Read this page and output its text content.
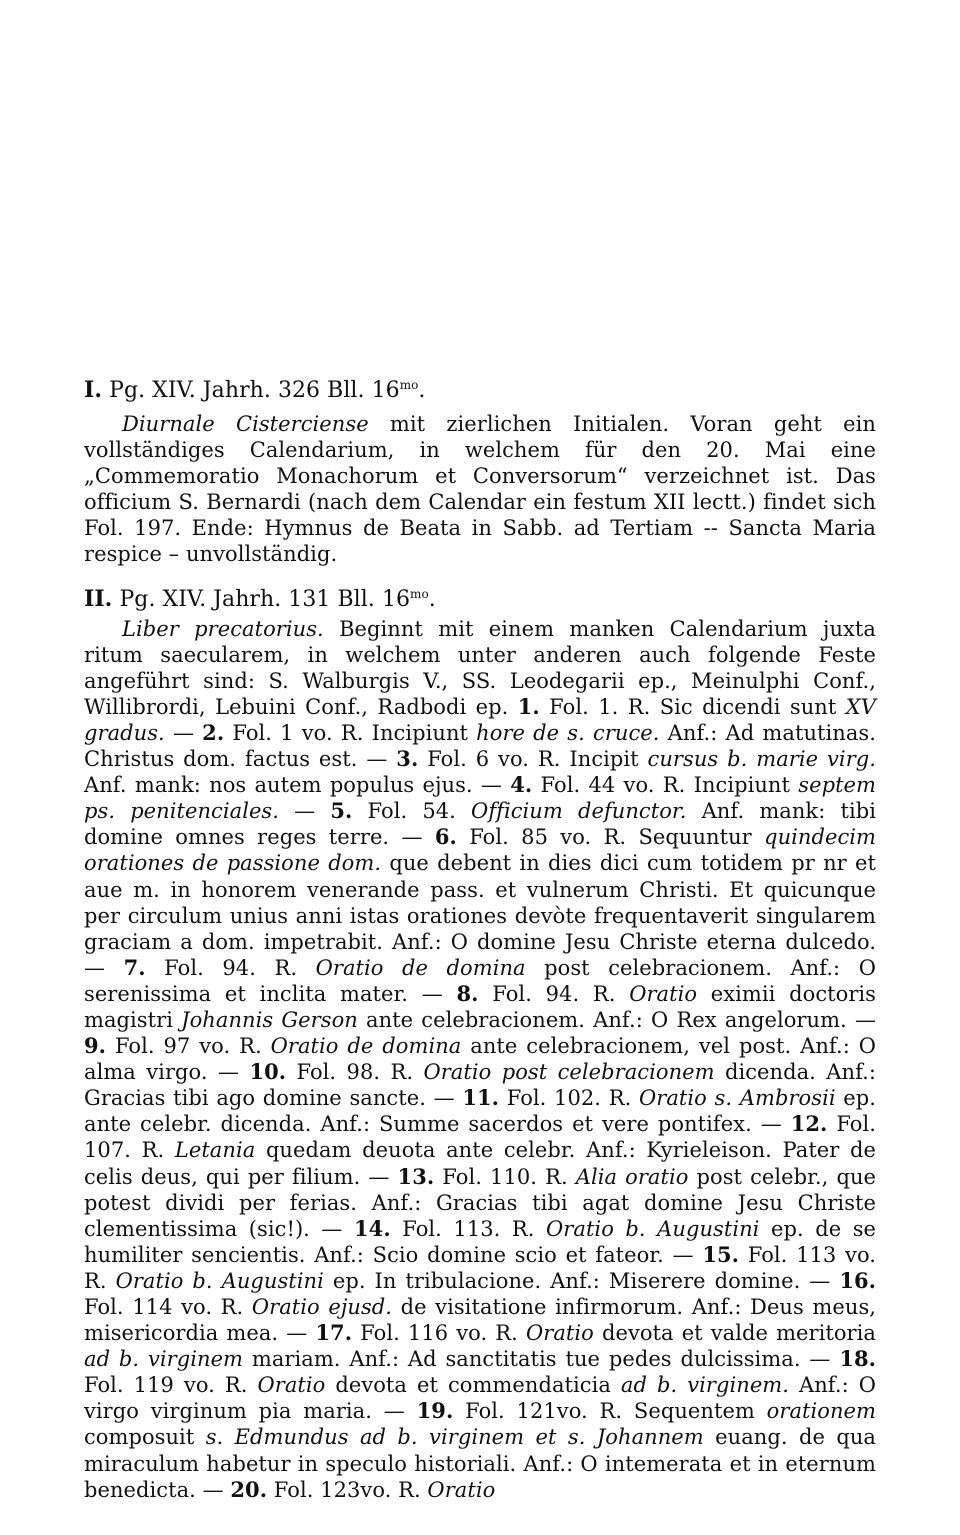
I. Pg. XIV. Jahrh. 326 Bll. $16^{mo}$.

Diurnale Cisterciense mit zierlichen Initialen. Voran geht ein vollständiges Calendarium, in welchem für den 20. Mai eine „Commemoratio Monachorum et Conversorum“ verzeichnet ist. Das officium S. Bernardi (nach dem Calendar ein festum XII lectt.) findet sich Fol. 197. Ende: Hymnus de Beata in Sabb. ad Tertiam -- Sancta Maria respice – unvollständig.

II. Pg. XIV. Jahrh. 131 Bll. $16^{mo}$.

Liber precatorius. Beginnt mit einem manken Calendarium juxta ritum saecularem, in welchem unter anderen auch folgende Feste angeführt sind: S. Walburgis V., SS. Leodegarii ep., Meinulphi Conf., Willibrordi, Lebuini Conf., Radbodi ep. 1. Fol. 1. R. Sic dicendi sunt XV gradus. — 2. Fol. 1 vo. R. Incipiunt hore de s. cruce. Anf.: Ad matutinas. Christus dom. factus est. — 3. Fol. 6 vo. R. Incipit cursus b. marie virg. Anf. mank: nos autem populus ejus. — 4. Fol. 44 vo. R. Incipiunt septem ps. penitenciales. — 5. Fol. 54. Officium defunctor. Anf. mank: tibi domine omnes reges terre. — 6. Fol. 85 vo. R. Sequuntur quindecim orationes de passione dom. que debent in dies dici cum totidem pr nr et aue m. in honorem venerande pass. et vulnerum Christi. Et quicunque per circulum unius anni istas orationes devòte frequentaverit singularem graciam a dom. impetrabit. Anf.: O domine Jesu Christe eterna dulcedo. — 7. Fol. 94. R. Oratio de domina post celebracionem. Anf.: O serenissima et inclita mater. — 8. Fol. 94. R. Oratio eximii doctoris magistri Johannis Gerson ante celebracionem. Anf.: O Rex angelorum. — 9. Fol. 97 vo. R. Oratio de domina ante celebracionem, vel post. Anf.: O alma virgo. — 10. Fol. 98. R. Oratio post celebracionem dicenda. Anf.: Gracias tibi ago domine sancte. — 11. Fol. 102. R. Oratio s. Ambrosii ep. ante celebr. dicenda. Anf.: Summe sacerdos et vere pontifex. — 12. Fol. 107. R. Letania quedam deuota ante celebr. Anf.: Kyrieleison. Pater de celis deus, qui per filium. — 13. Fol. 110. R. Alia oratio post celebr., que potest dividi per ferias. Anf.: Gracias tibi agat domine Jesu Christe clementissima (sic!). — 14. Fol. 113. R. Oratio b. Augustini ep. de se humiliter sencientis. Anf.: Scio domine scio et fateor. — 15. Fol. 113 vo. R. Oratio b. Augustini ep. In tribulacione. Anf.: Miserere domine. — 16. Fol. 114 vo. R. Oratio ejusd. de visitatione infirmorum. Anf.: Deus meus, misericordia mea. — 17. Fol. 116 vo. R. Oratio devota et valde meritoria ad b. virginem mariam. Anf.: Ad sanctitatis tue pedes dulcissima. — 18. Fol. 119 vo. R. Oratio devota et commendaticia ad b. virginem. Anf.: O virgo virginum pia maria. — 19. Fol. 121vo. R. Sequentem orationem composuit s. Edmundus ad b. virginem et s. Johannem euang. de qua miraculum habetur in speculo historiali. Anf.: O intemerata et in eternum benedicta. — 20. Fol. 123vo. R. Oratio
